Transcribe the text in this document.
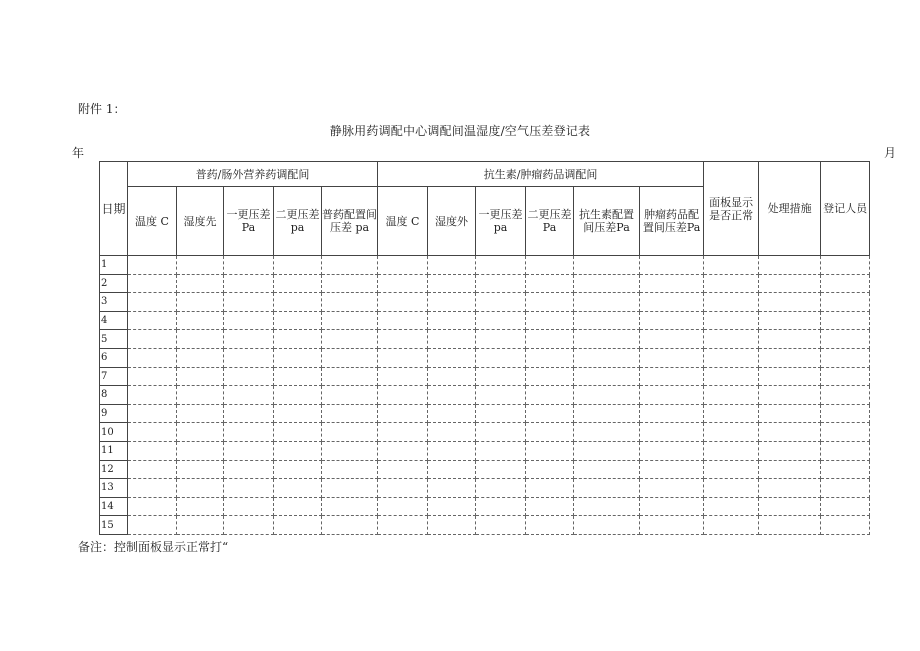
附件 1：
静脉用药调配中心调配间温湿度/空气压差登记表
年	月
日期	普药/肠外营养药调配间					抗生素/肿瘤药品调配间						面板显示是否正常	处理措施	登记人员
	温度 C	湿度先	一更压差Pa	二更压差 pa	普药配置间压差 pa	温度 C	湿度外	一更压差 pa	二更压差Pa	抗生素配置间压差Pa	肿瘤药品配置间压差Pa			
1														
2														
3														
4														
5														
6														
7														
8														
9														
10														
11														
12														
13														
14														
15														
备注：控制面板显示正常打“
